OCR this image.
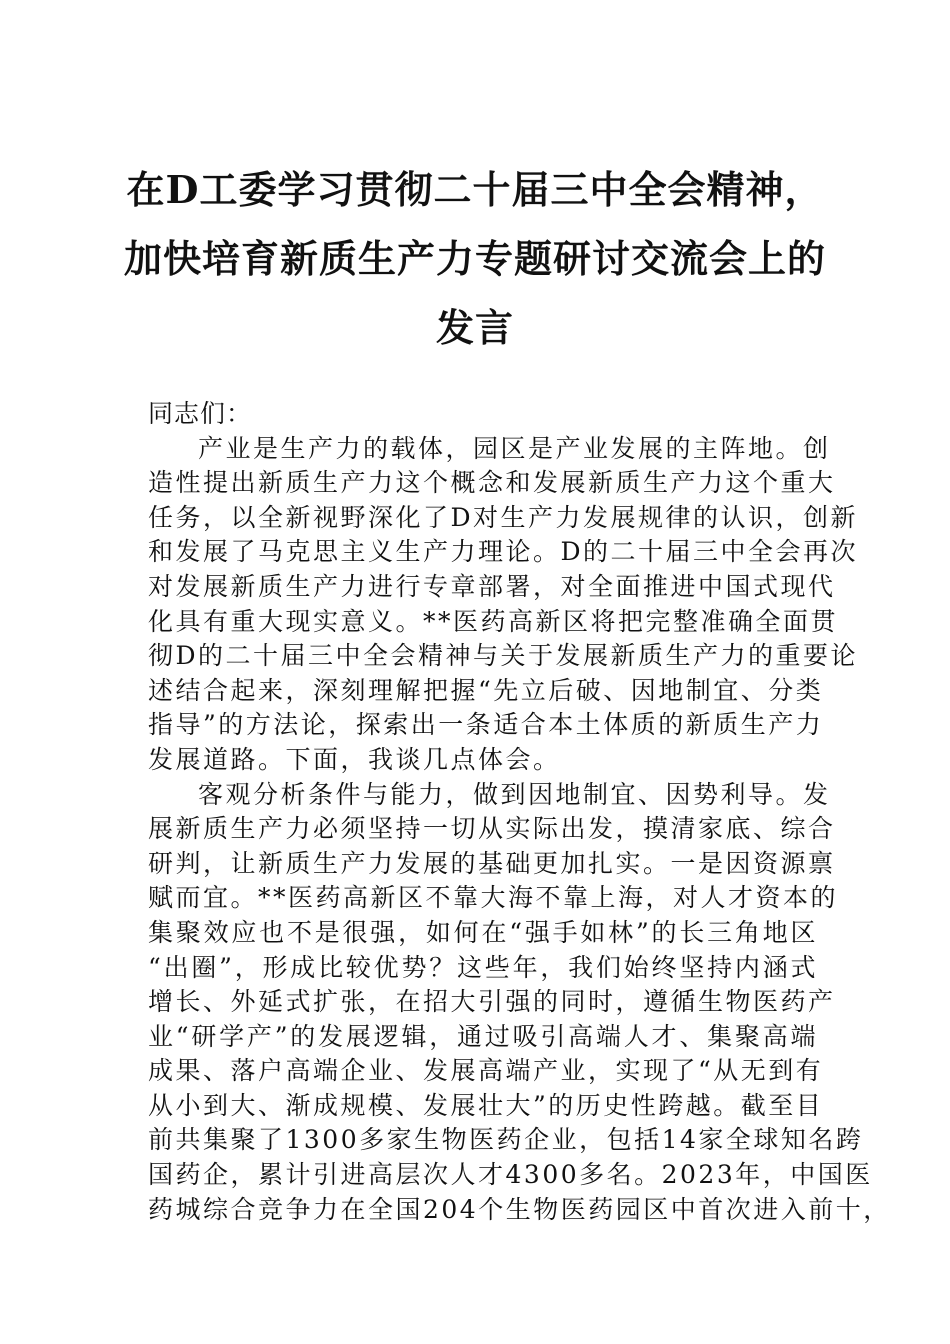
在D工委学习贯彻二十届三中全会精神，
加快培育新质生产力专题研讨交流会上的
发言
同志们：
产业是生产力的载体，园区是产业发展的主阵地。创
造性提出新质生产力这个概念和发展新质生产力这个重大
任务，以全新视野深化了D对生产力发展规律的认识，创新
和发展了马克思主义生产力理论。D的二十届三中全会再次
对发展新质生产力进行专章部署，对全面推进中国式现代
化具有重大现实意义。**医药高新区将把完整准确全面贯
彻D的二十届三中全会精神与关于发展新质生产力的重要论
述结合起来，深刻理解把握“先立后破、因地制宜、分类
指导”的方法论，探索出一条适合本土体质的新质生产力
发展道路。下面，我谈几点体会。
客观分析条件与能力，做到因地制宜、因势利导。发
展新质生产力必须坚持一切从实际出发，摸清家底、综合
研判，让新质生产力发展的基础更加扎实。一是因资源禀
赋而宜。**医药高新区不靠大海不靠上海，对人才资本的
集聚效应也不是很强，如何在“强手如林”的长三角地区
“出圈”，形成比较优势？这些年，我们始终坚持内涵式
增长、外延式扩张，在招大引强的同时，遵循生物医药产
业“研学产”的发展逻辑，通过吸引高端人才、集聚高端
成果、落户高端企业、发展高端产业，实现了“从无到有
从小到大、渐成规模、发展壮大”的历史性跨越。截至目
前共集聚了1300多家生物医药企业，包括14家全球知名跨
国药企，累计引进高层次人才4300多名。2023年，中国医
药城综合竞争力在全国204个生物医药园区中首次进入前十，
